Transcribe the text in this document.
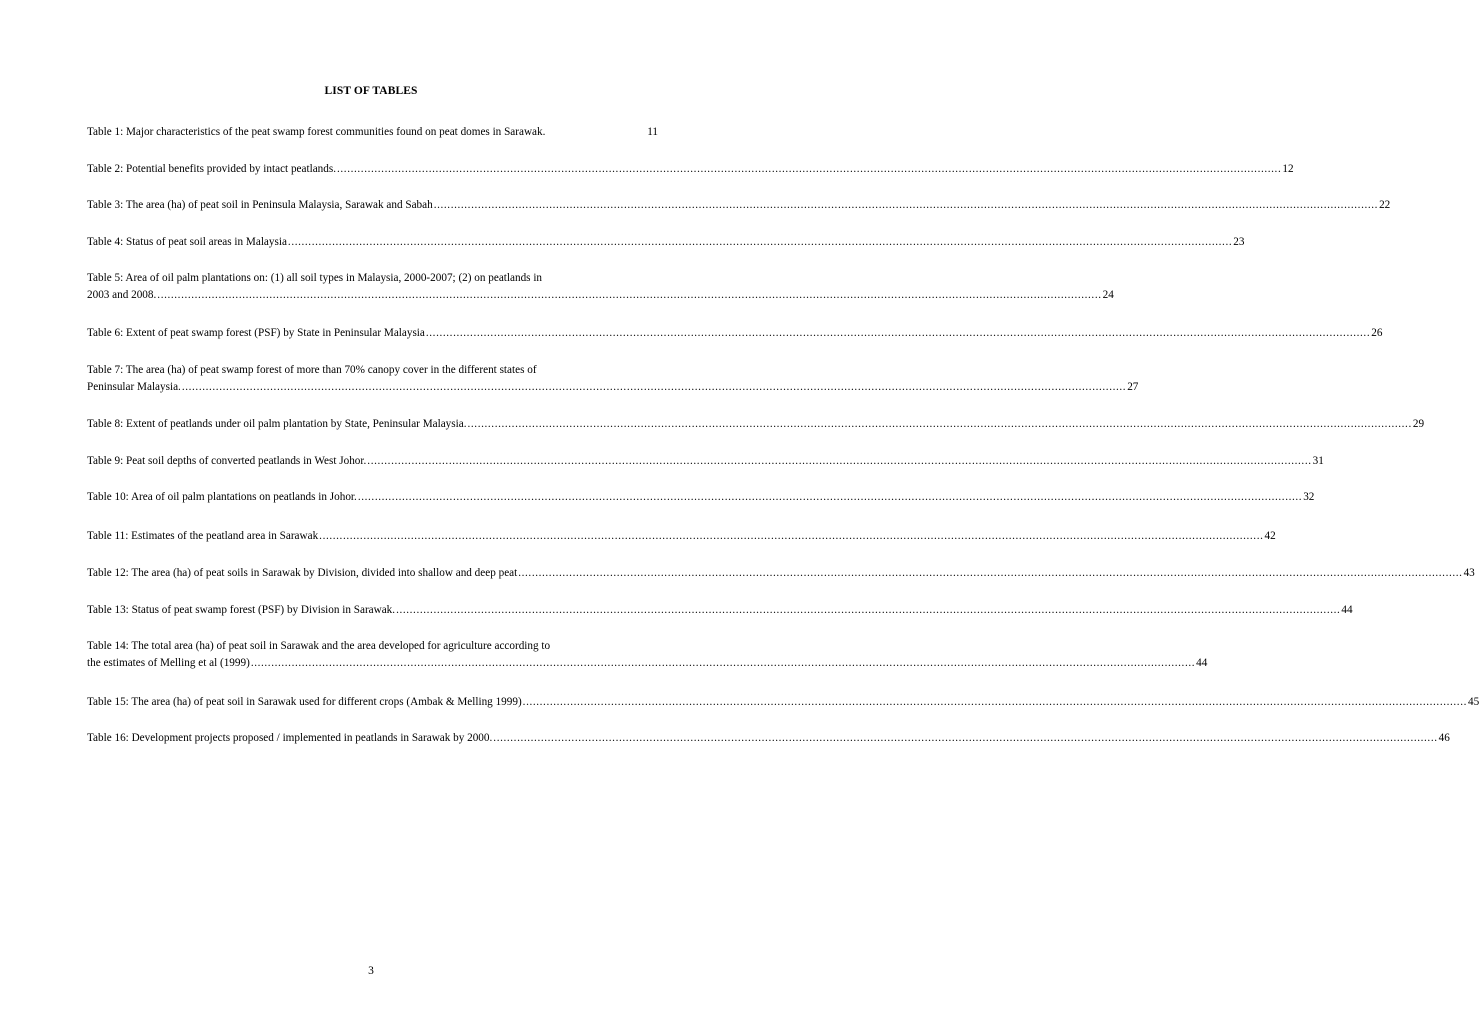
LIST OF TABLES
Table 1: Major characteristics of the peat swamp forest communities found on peat domes in Sarawak.	11
Table 2: Potential benefits provided by intact peatlands. ...................................................................................................................................................................................................................................................................................... 12
Table 3: The area (ha) of peat soil in Peninsula Malaysia, Sarawak and Sabah ...................................................................................................................................................................................................................................................................................... 22
Table 4: Status of peat soil areas in Malaysia ...................................................................................................................................................................................................................................................................................... 23
Table 5: Area of oil palm plantations on: (1) all soil types in Malaysia, 2000-2007; (2) on peatlands in
2003 and 2008. ...................................................................................................................................................................................................................................................................................... 24
Table 6: Extent of peat swamp forest (PSF) by State in Peninsular Malaysia ...................................................................................................................................................................................................................................................................................... 26
Table 7: The area (ha) of peat swamp forest of more than 70% canopy cover in the different states of
Peninsular Malaysia. ...................................................................................................................................................................................................................................................................................... 27
Table 8: Extent of peatlands under oil palm plantation by State, Peninsular Malaysia. ...................................................................................................................................................................................................................................................................................... 29
Table 9: Peat soil depths of converted peatlands in West Johor. ...................................................................................................................................................................................................................................................................................... 31
Table 10: Area of oil palm plantations on peatlands in Johor. ...................................................................................................................................................................................................................................................................................... 32
Table 11: Estimates of the peatland area in Sarawak ...................................................................................................................................................................................................................................................................................... 42
Table 12: The area (ha) of peat soils in Sarawak by Division, divided into shallow and deep peat ...................................................................................................................................................................................................................................................................................... 43
Table 13: Status of peat swamp forest (PSF) by Division in Sarawak. ...................................................................................................................................................................................................................................................................................... 44
Table 14: The total area (ha) of peat soil in Sarawak and the area developed for agriculture according to
the estimates of Melling et al (1999) ...................................................................................................................................................................................................................................................................................... 44
Table 15: The area (ha) of peat soil in Sarawak used for different crops (Ambak & Melling 1999) ...................................................................................................................................................................................................................................................................................... 45
Table 16: Development projects proposed / implemented in peatlands in Sarawak by 2000. ...................................................................................................................................................................................................................................................................................... 46
3
